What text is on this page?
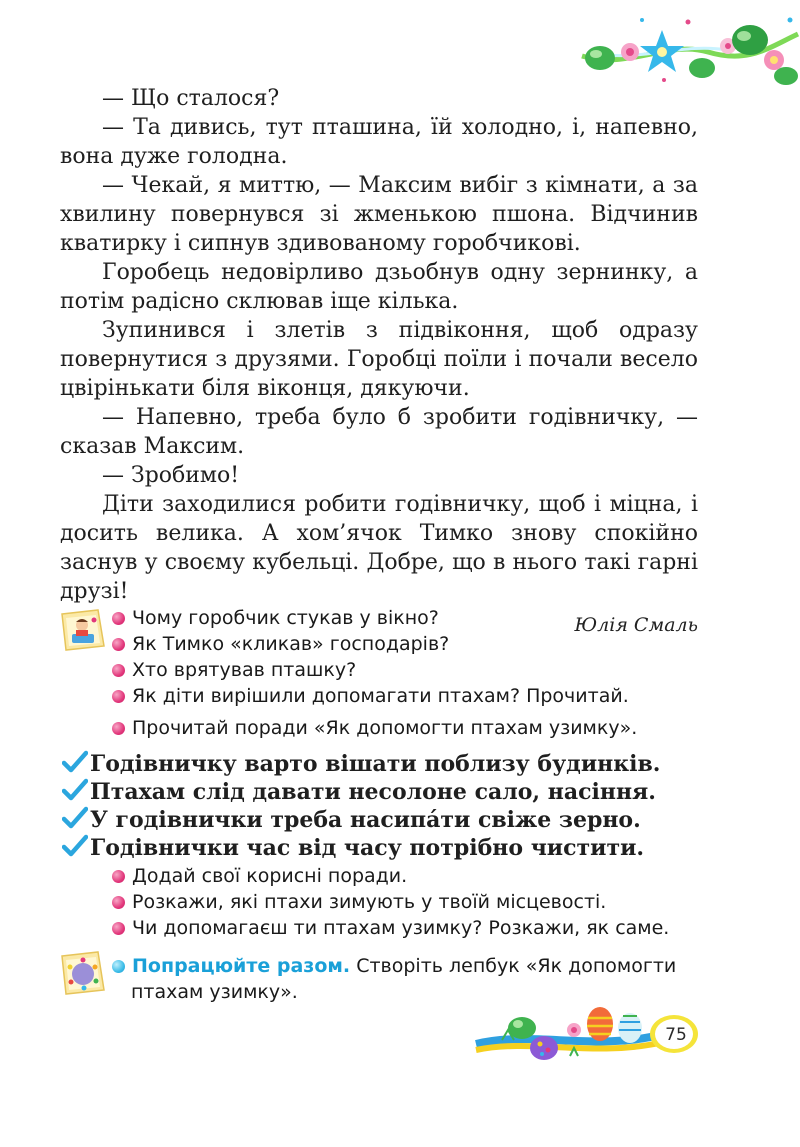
— Що сталося?

— Та дивись, тут пташина, їй холодно, і, напевно, вона дуже голодна.

— Чекай, я миттю, — Максим вибіг з кімнати, а за хвилину повернувся зі жменькою пшона. Відчинив кватирку і сипнув здивованому горобчикові.

Горобець недовірливо дзьобнув одну зернинку, а потім радісно склював іще кілька.

Зупинився і злетів з підвіконня, щоб одразу повернутися з друзями. Горобці поїли і почали весело цвірінькати біля віконця, дякуючи.

— Напевно, треба було б зробити годівничку, — сказав Максим.

— Зробимо!

Діти заходилися робити годівничку, щоб і міцна, і досить велика. А хом’ячок Тимко знову спокійно заснув у своєму кубельці. Добре, що в нього такі гарні друзі!

Юлія Смаль

Чому горобчик стукав у вікно?
Як Тимко «кликав» господарів?
Хто врятував пташку?
Як діти вирішили допомагати птахам? Прочитай.
Прочитай поради «Як допомогти птахам узимку».
Годівничку варто вішати поблизу будинків.
Птахам слід давати несолоне сало, насіння.
У годівнички треба насипáти свіже зерно.
Годівнички час від часу потрібно чистити.
Додай свої корисні поради.
Розкажи, які птахи зимують у твоїй місцевості.
Чи допомагаєш ти птахам узимку? Розкажи, як саме.
Попрацюйте разом. Створіть лепбук «Як допомогти
птахам узимку».
75
